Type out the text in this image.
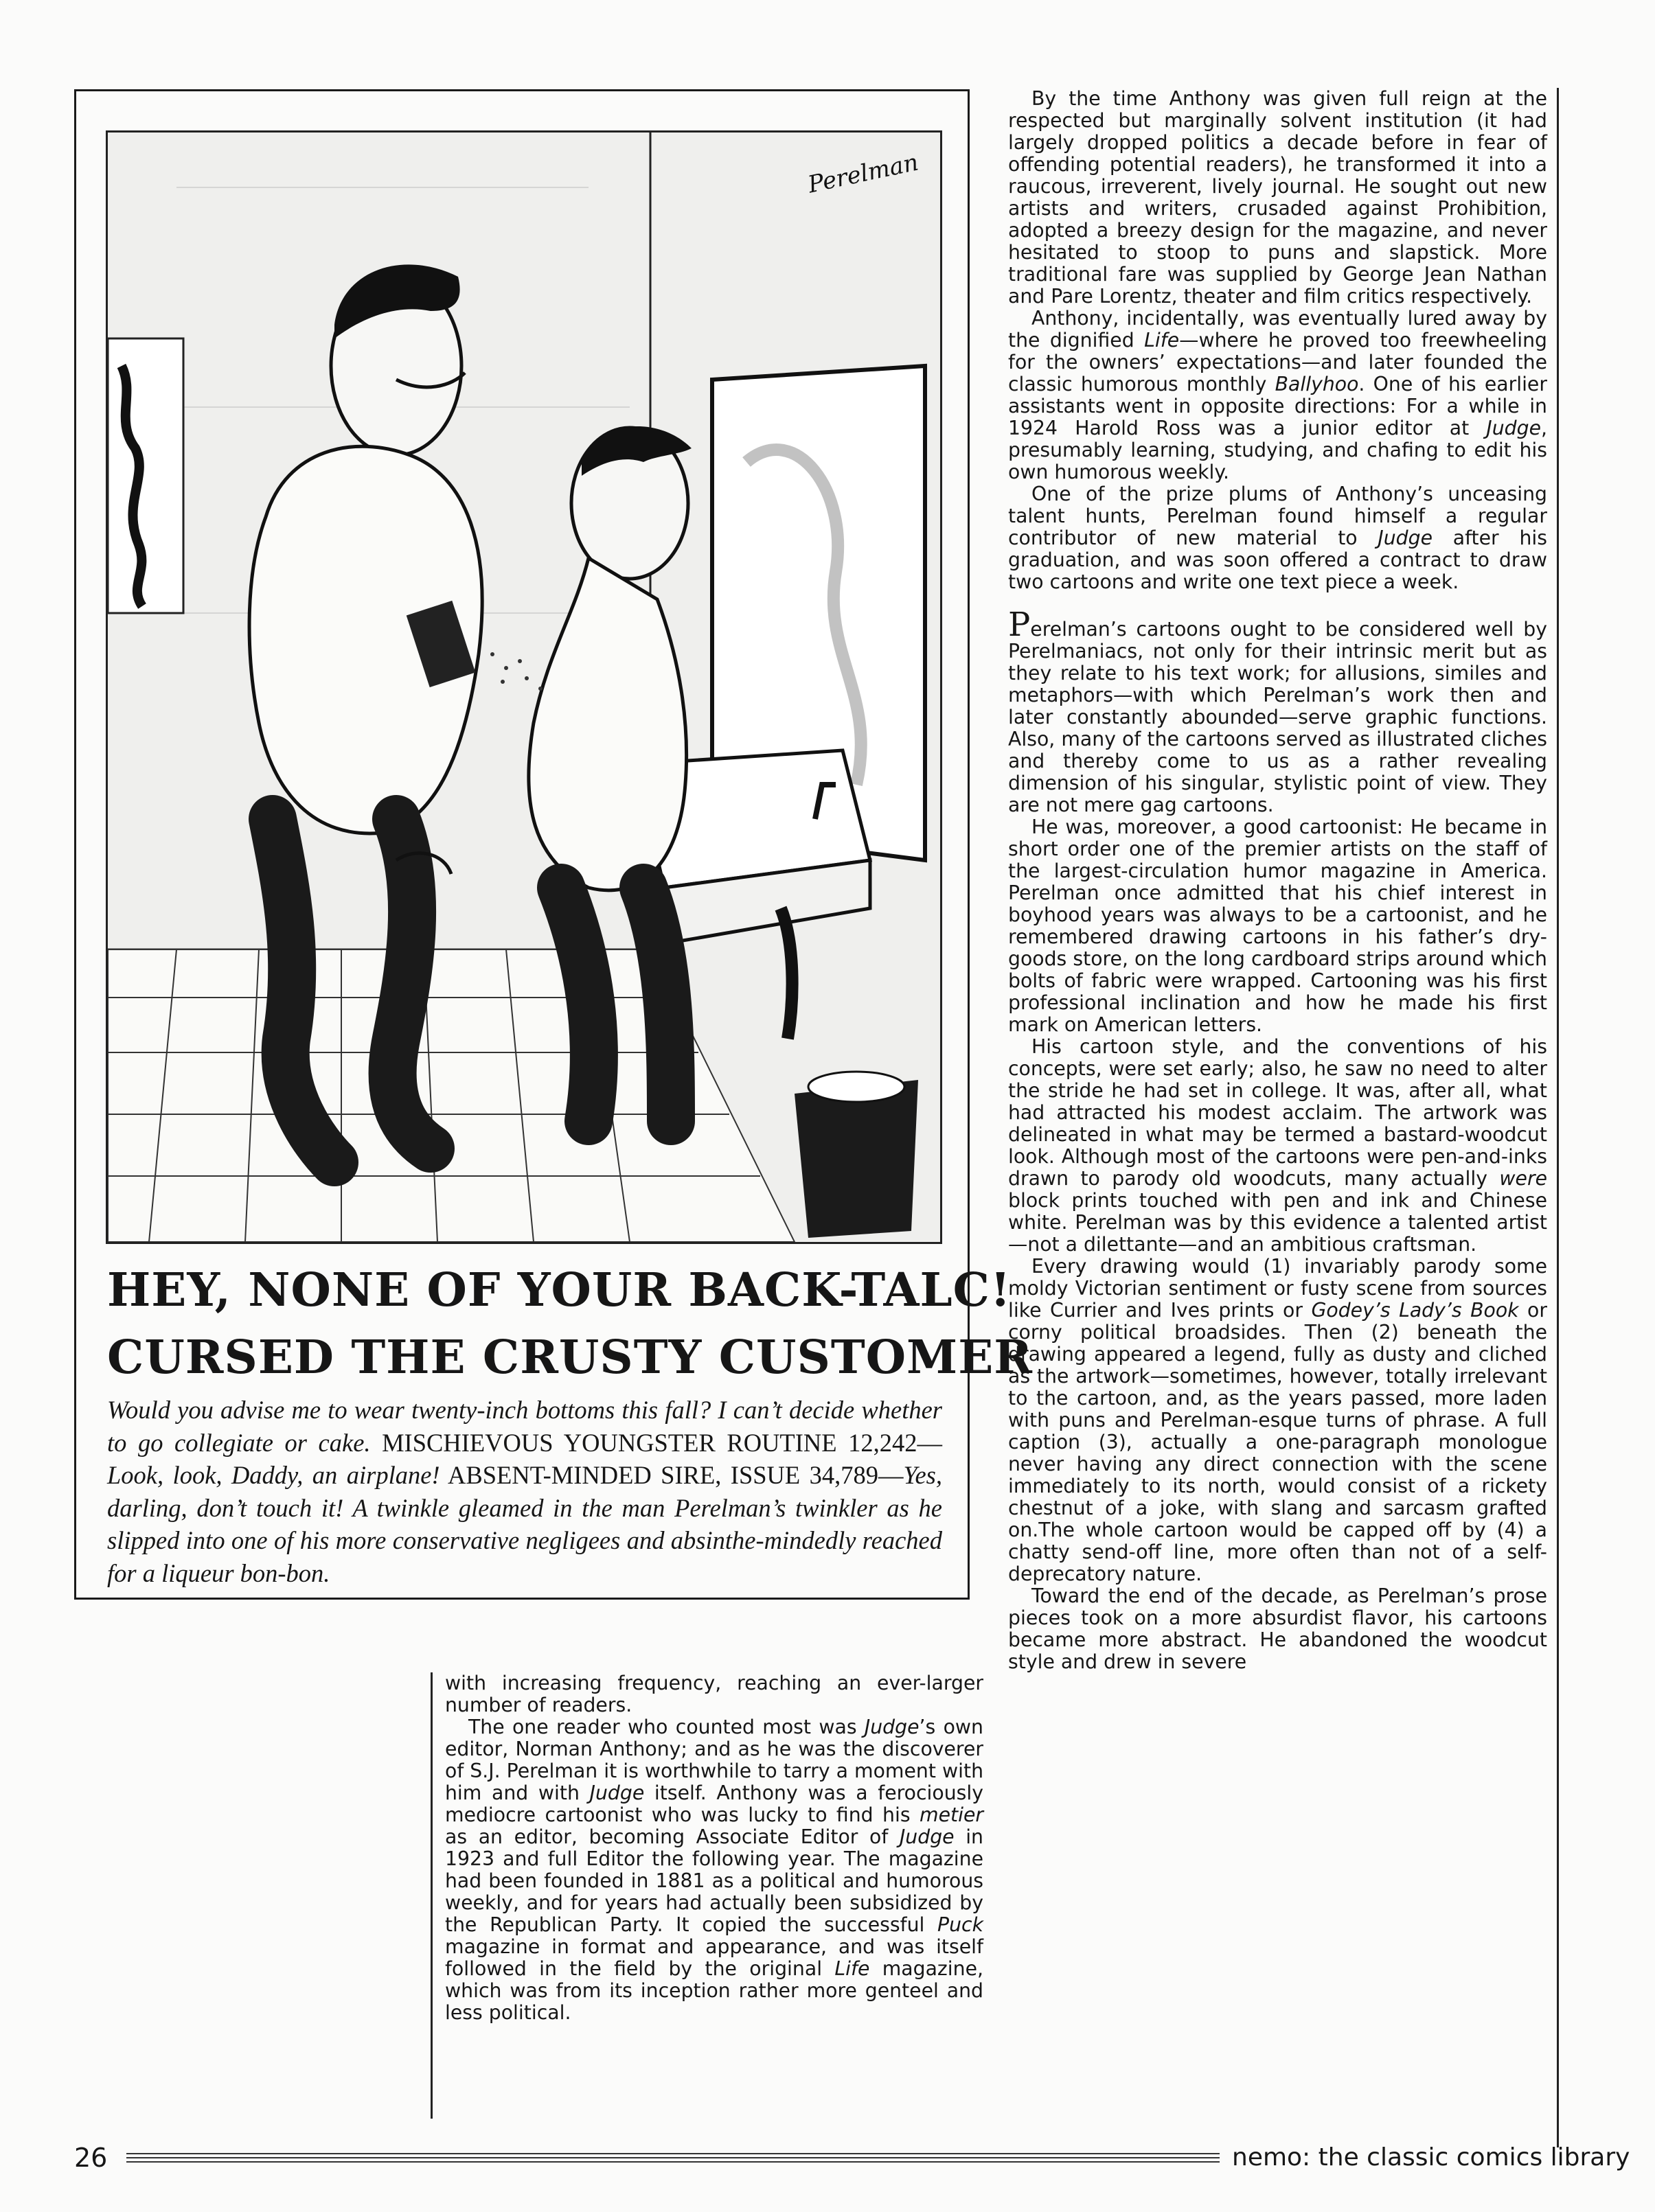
Perelman
HEY, NONE OF YOUR BACK-TALC!
CURSED THE CRUSTY CUSTOMER

Would you advise me to wear twenty-inch bottoms this fall? I can’t decide whether to go collegiate or cake. MISCHIEVOUS YOUNGSTER ROUTINE 12,242—Look, look, Daddy, an airplane! ABSENT-MINDED SIRE, ISSUE 34,789—Yes, darling, don’t touch it! A twinkle gleamed in the man Perelman’s twinkler as he slipped into one of his more conservative negligees and absinthe-mindedly reached for a liqueur bon-bon.

By the time Anthony was given full reign at the respected but marginally solvent institution (it had largely dropped politics a decade before in fear of offending potential readers), he transformed it into a raucous, irreverent, lively journal. He sought out new artists and writers, crusaded against Prohibition, adopted a breezy design for the magazine, and never hesitated to stoop to puns and slapstick. More traditional fare was supplied by George Jean Nathan and Pare Lorentz, theater and film critics respectively.

Anthony, incidentally, was eventually lured away by the dignified Life—where he proved too freewheeling for the owners’ expectations—and later founded the classic humorous monthly Ballyhoo. One of his earlier assistants went in opposite directions: For a while in 1924 Harold Ross was a junior editor at Judge, presumably learning, studying, and chafing to edit his own humorous weekly.

One of the prize plums of Anthony’s unceasing talent hunts, Perelman found himself a regular contributor of new material to Judge after his graduation, and was soon offered a contract to draw two cartoons and write one text piece a week.

Perelman’s cartoons ought to be considered well by Perelmaniacs, not only for their intrinsic merit but as they relate to his text work; for allusions, similes and metaphors—with which Perelman’s work then and later constantly abounded—serve graphic functions. Also, many of the cartoons served as illustrated cliches and thereby come to us as a rather revealing dimension of his singular, stylistic point of view. They are not mere gag cartoons.

He was, moreover, a good cartoonist: He became in short order one of the premier artists on the staff of the largest-circulation humor magazine in America. Perelman once admitted that his chief interest in boyhood years was always to be a cartoonist, and he remembered drawing cartoons in his father’s dry-goods store, on the long cardboard strips around which bolts of fabric were wrapped. Cartooning was his first professional inclination and how he made his first mark on American letters.

His cartoon style, and the conventions of his concepts, were set early; also, he saw no need to alter the stride he had set in college. It was, after all, what had attracted his modest acclaim. The artwork was delineated in what may be termed a bastard-woodcut look. Although most of the cartoons were pen-and-inks drawn to parody old woodcuts, many actually were block prints touched with pen and ink and Chinese white. Perelman was by this evidence a talented artist—not a dilettante—and an ambitious craftsman.

Every drawing would (1) invariably parody some moldy Victorian sentiment or fusty scene from sources like Currier and Ives prints or Godey’s Lady’s Book or corny political broadsides. Then (2) beneath the drawing appeared a legend, fully as dusty and cliched as the artwork—sometimes, however, totally irrelevant to the cartoon, and, as the years passed, more laden with puns and Perelman-esque turns of phrase. A full caption (3), actually a one-paragraph monologue never having any direct connection with the scene immediately to its north, would consist of a rickety chestnut of a joke, with slang and sarcasm grafted on.The whole cartoon would be capped off by (4) a chatty send-off line, more often than not of a self-deprecatory nature.

Toward the end of the decade, as Perelman’s prose pieces took on a more absurdist flavor, his cartoons became more abstract. He abandoned the woodcut style and drew in severe

with increasing frequency, reaching an ever-larger number of readers.

The one reader who counted most was Judge’s own editor, Norman Anthony; and as he was the discoverer of S.J. Perelman it is worthwhile to tarry a moment with him and with Judge itself. Anthony was a ferociously mediocre cartoonist who was lucky to find his metier as an editor, becoming Associate Editor of Judge in 1923 and full Editor the following year. The magazine had been founded in 1881 as a political and humorous weekly, and for years had actually been subsidized by the Republican Party. It copied the successful Puck magazine in format and appearance, and was itself followed in the field by the original Life magazine, which was from its inception rather more genteel and less political.

26	nemo: the classic comics library
